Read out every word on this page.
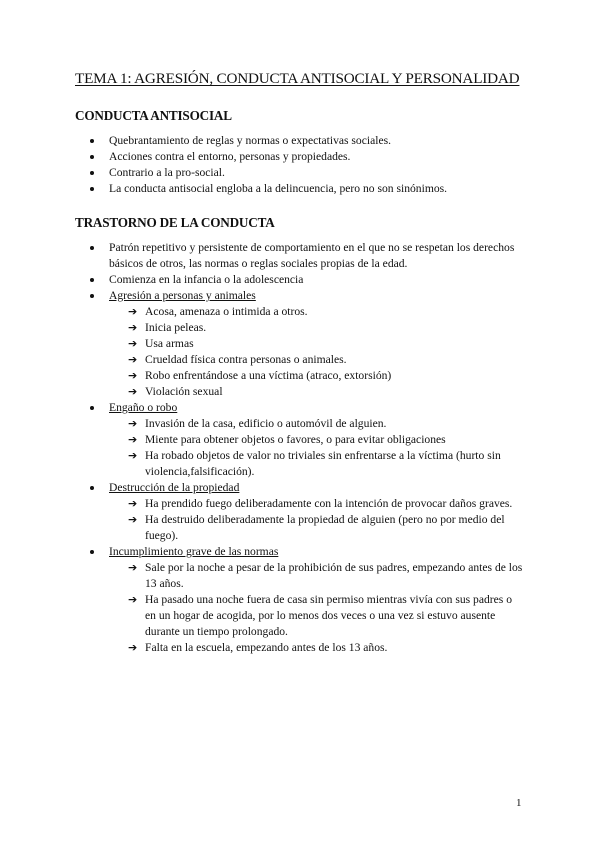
TEMA 1: AGRESIÓN, CONDUCTA ANTISOCIAL Y PERSONALIDAD
CONDUCTA ANTISOCIAL
Quebrantamiento de reglas y normas o expectativas sociales.
Acciones contra el entorno, personas y propiedades.
Contrario a la pro-social.
La conducta antisocial engloba a la delincuencia, pero no son sinónimos.
TRASTORNO DE LA CONDUCTA
Patrón repetitivo y persistente de comportamiento en el que no se respetan los derechos básicos de otros, las normas o reglas sociales propias de la edad.
Comienza en la infancia o la adolescencia
Agresión a personas y animales
➔ Acosa, amenaza o intimida a otros.
➔ Inicia peleas.
➔ Usa armas
➔ Crueldad física contra personas o animales.
➔ Robo enfrentándose a una víctima (atraco, extorsión)
➔ Violación sexual
Engaño o robo
➔ Invasión de la casa, edificio o automóvil de alguien.
➔ Miente para obtener objetos o favores, o para evitar obligaciones
➔ Ha robado objetos de valor no triviales sin enfrentarse a la víctima (hurto sin violencia,falsificación).
Destrucción de la propiedad
➔ Ha prendido fuego deliberadamente con la intención de provocar daños graves.
➔ Ha destruido deliberadamente la propiedad de alguien (pero no por medio del fuego).
Incumplimiento grave de las normas
➔ Sale por la noche a pesar de la prohibición de sus padres, empezando antes de los 13 años.
➔ Ha pasado una noche fuera de casa sin permiso mientras vivía con sus padres o en un hogar de acogida, por lo menos dos veces o una vez si estuvo ausente durante un tiempo prolongado.
➔ Falta en la escuela, empezando antes de los 13 años.
1
